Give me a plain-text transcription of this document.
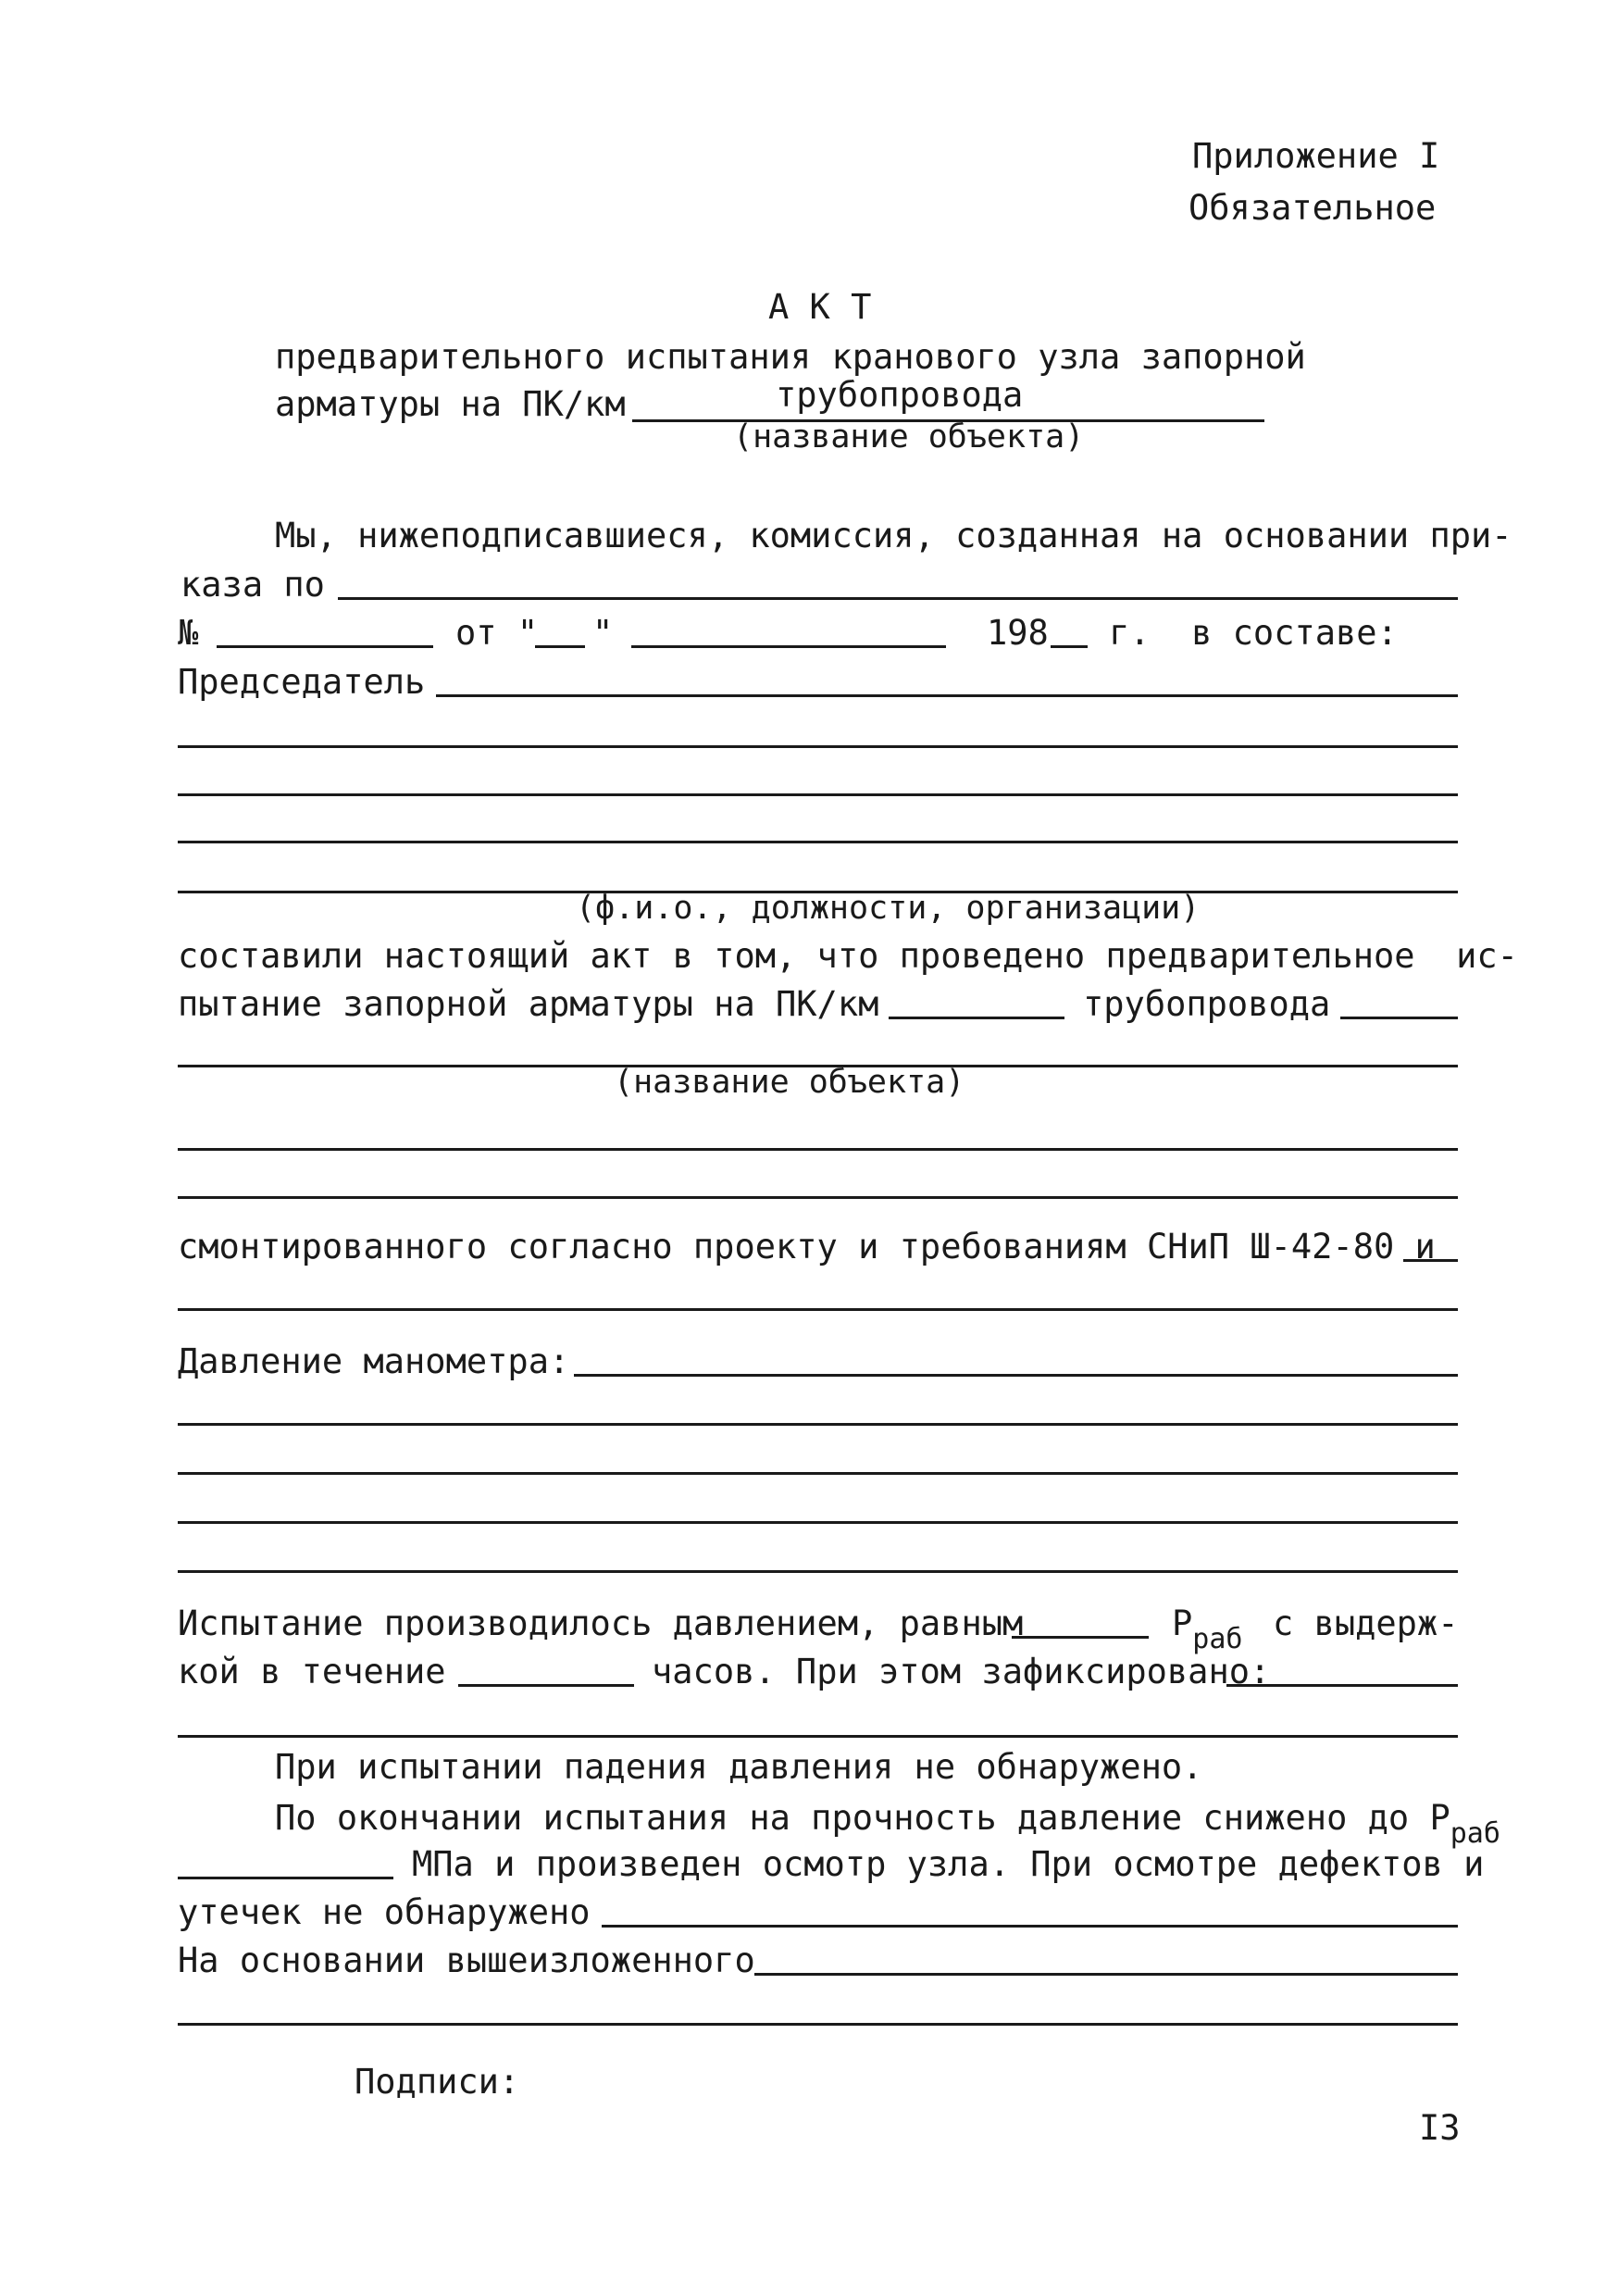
Приложение I
Обязательное
А К Т
предварительного испытания кранового узла запорной
арматуры на ПК/км	трубопровода
(название объекта)
Мы, нижеподписавшиеся, комиссия, созданная на основании при-
каза по
№	от " "	198 г.  в составе:
Председатель
(ф.и.о., должности, организации)
составили настоящий акт в том, что проведено предварительное  ис-
пытание запорной арматуры на ПК/км	трубопровода
(название объекта)
смонтированного согласно проекту и требованиям СНиП Ш-42-80 и
Давление манометра:
Испытание производилось давлением, равным	$Р_{раб}$ с выдерж-
кой в течение	часов. При этом зафиксировано:
При испытании падения давления не обнаружено.
По окончании испытания на прочность давление снижено до $Р_{раб}$
МПа и произведен осмотр узла. При осмотре дефектов и
утечек не обнаружено
На основании вышеизложенного
Подписи:
I3
